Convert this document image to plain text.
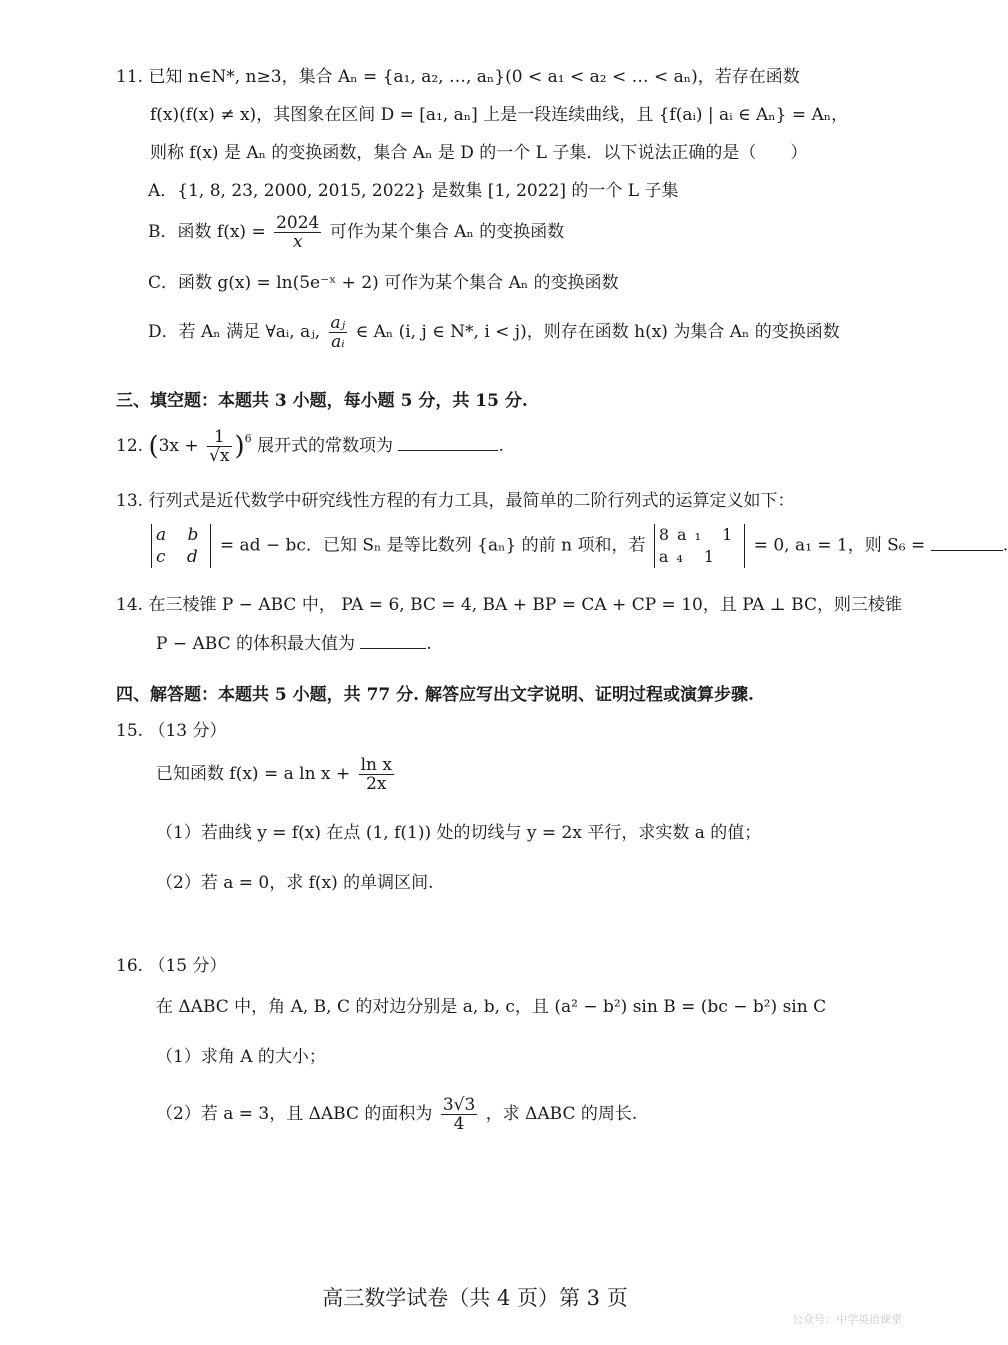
11. 已知 n∈N*, n≥3，集合 Aₙ = {a₁, a₂, …, aₙ}(0 < a₁ < a₂ < … < aₙ)，若存在函数
f(x)(f(x) ≠ x)，其图象在区间 D = [a₁, aₙ] 上是一段连续曲线，且 {f(aᵢ) | aᵢ ∈ Aₙ} = Aₙ，
则称 f(x) 是 Aₙ 的变换函数，集合 Aₙ 是 D 的一个 L 子集．以下说法正确的是（　　）
A．{1, 8, 23, 2000, 2015, 2022} 是数集 [1, 2022] 的一个 L 子集
B．函数 $f(x) = \frac{2024}{x}$ 可作为某个集合 Aₙ 的变换函数
C．函数 g(x) = ln(5e⁻ˣ + 2) 可作为某个集合 Aₙ 的变换函数
D．若 Aₙ 满足 ∀aᵢ, aⱼ, $\frac{\text{aⱼ}}{\text{aᵢ}}$ ∈ Aₙ (i, j ∈ N*, i < j)，则存在函数 h(x) 为集合 Aₙ 的变换函数
三、填空题：本题共 3 小题，每小题 5 分，共 15 分.
12. $(3x + \frac{1}{√x} )^6$ 展开式的常数项为	.
13. 行列式是近代数学中研究线性方程的有力工具，最简单的二阶行列式的运算定义如下：
a b
c d
= ad − bc．已知 Sₙ 是等比数列 {aₙ} 的前 n 项和，若
8a₁ 1
a₄ 1
= 0, a₁ = 1，则 S₆ =	.
14. 在三棱锥 P − ABC 中， PA = 6, BC = 4, BA + BP = CA + CP = 10，且 PA ⊥ BC，则三棱锥
P − ABC 的体积最大值为	.
四、解答题：本题共 5 小题，共 77 分. 解答应写出文字说明、证明过程或演算步骤.
15. （13 分）
已知函数 f(x) = a $\ln x + \frac{\text{ln x}}{2x}$
（1）若曲线 y = f(x) 在点 (1, f(1)) 处的切线与 y = 2x 平行，求实数 a 的值；
（2）若 a = 0，求 f(x) 的单调区间.
16. （15 分）
在 ΔABC 中，角 A, B, C 的对边分别是 a, b, c，且 (a² − b²) sin B = (bc − b²) sin C
（1）求角 A 的大小；
（2）若 a = 3，且 ΔABC 的面积为 $\frac{3√3}{4}$ ，求 ΔABC 的周长.
高三数学试卷（共 4 页）第 3 页
公众号：中学英语课堂
